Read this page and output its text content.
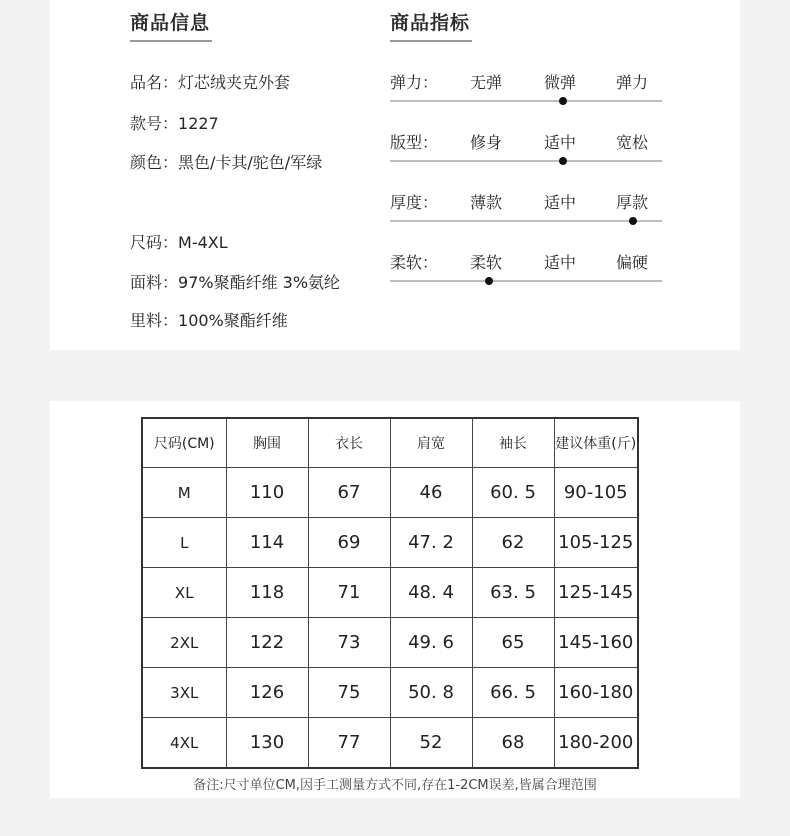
商品信息
品名：灯芯绒夹克外套
款号：1227
颜色：黑色/卡其/驼色/军绿
尺码：M-4XL
面料：97%聚酯纤维 3%氨纶
里料：100%聚酯纤维
商品指标
弹力： 无弹	微弹 弹力
版型： 修身	适中 宽松
厚度： 薄款	适中 厚款
柔软： 柔软	适中 偏硬
尺码(CM)	胸围	衣长	肩宽	袖长	建议体重(斤)
M	110	67	46	60. 5	90-105
L	114	69	47. 2	62	105-125
XL	118	71	48. 4	63. 5	125-145
2XL	122	73	49. 6	65	145-160
3XL	126	75	50. 8	66. 5	160-180
4XL	130	77	52	68	180-200
备注:尺寸单位CM,因手工测量方式不同,存在1-2CM误差,皆属合理范围
